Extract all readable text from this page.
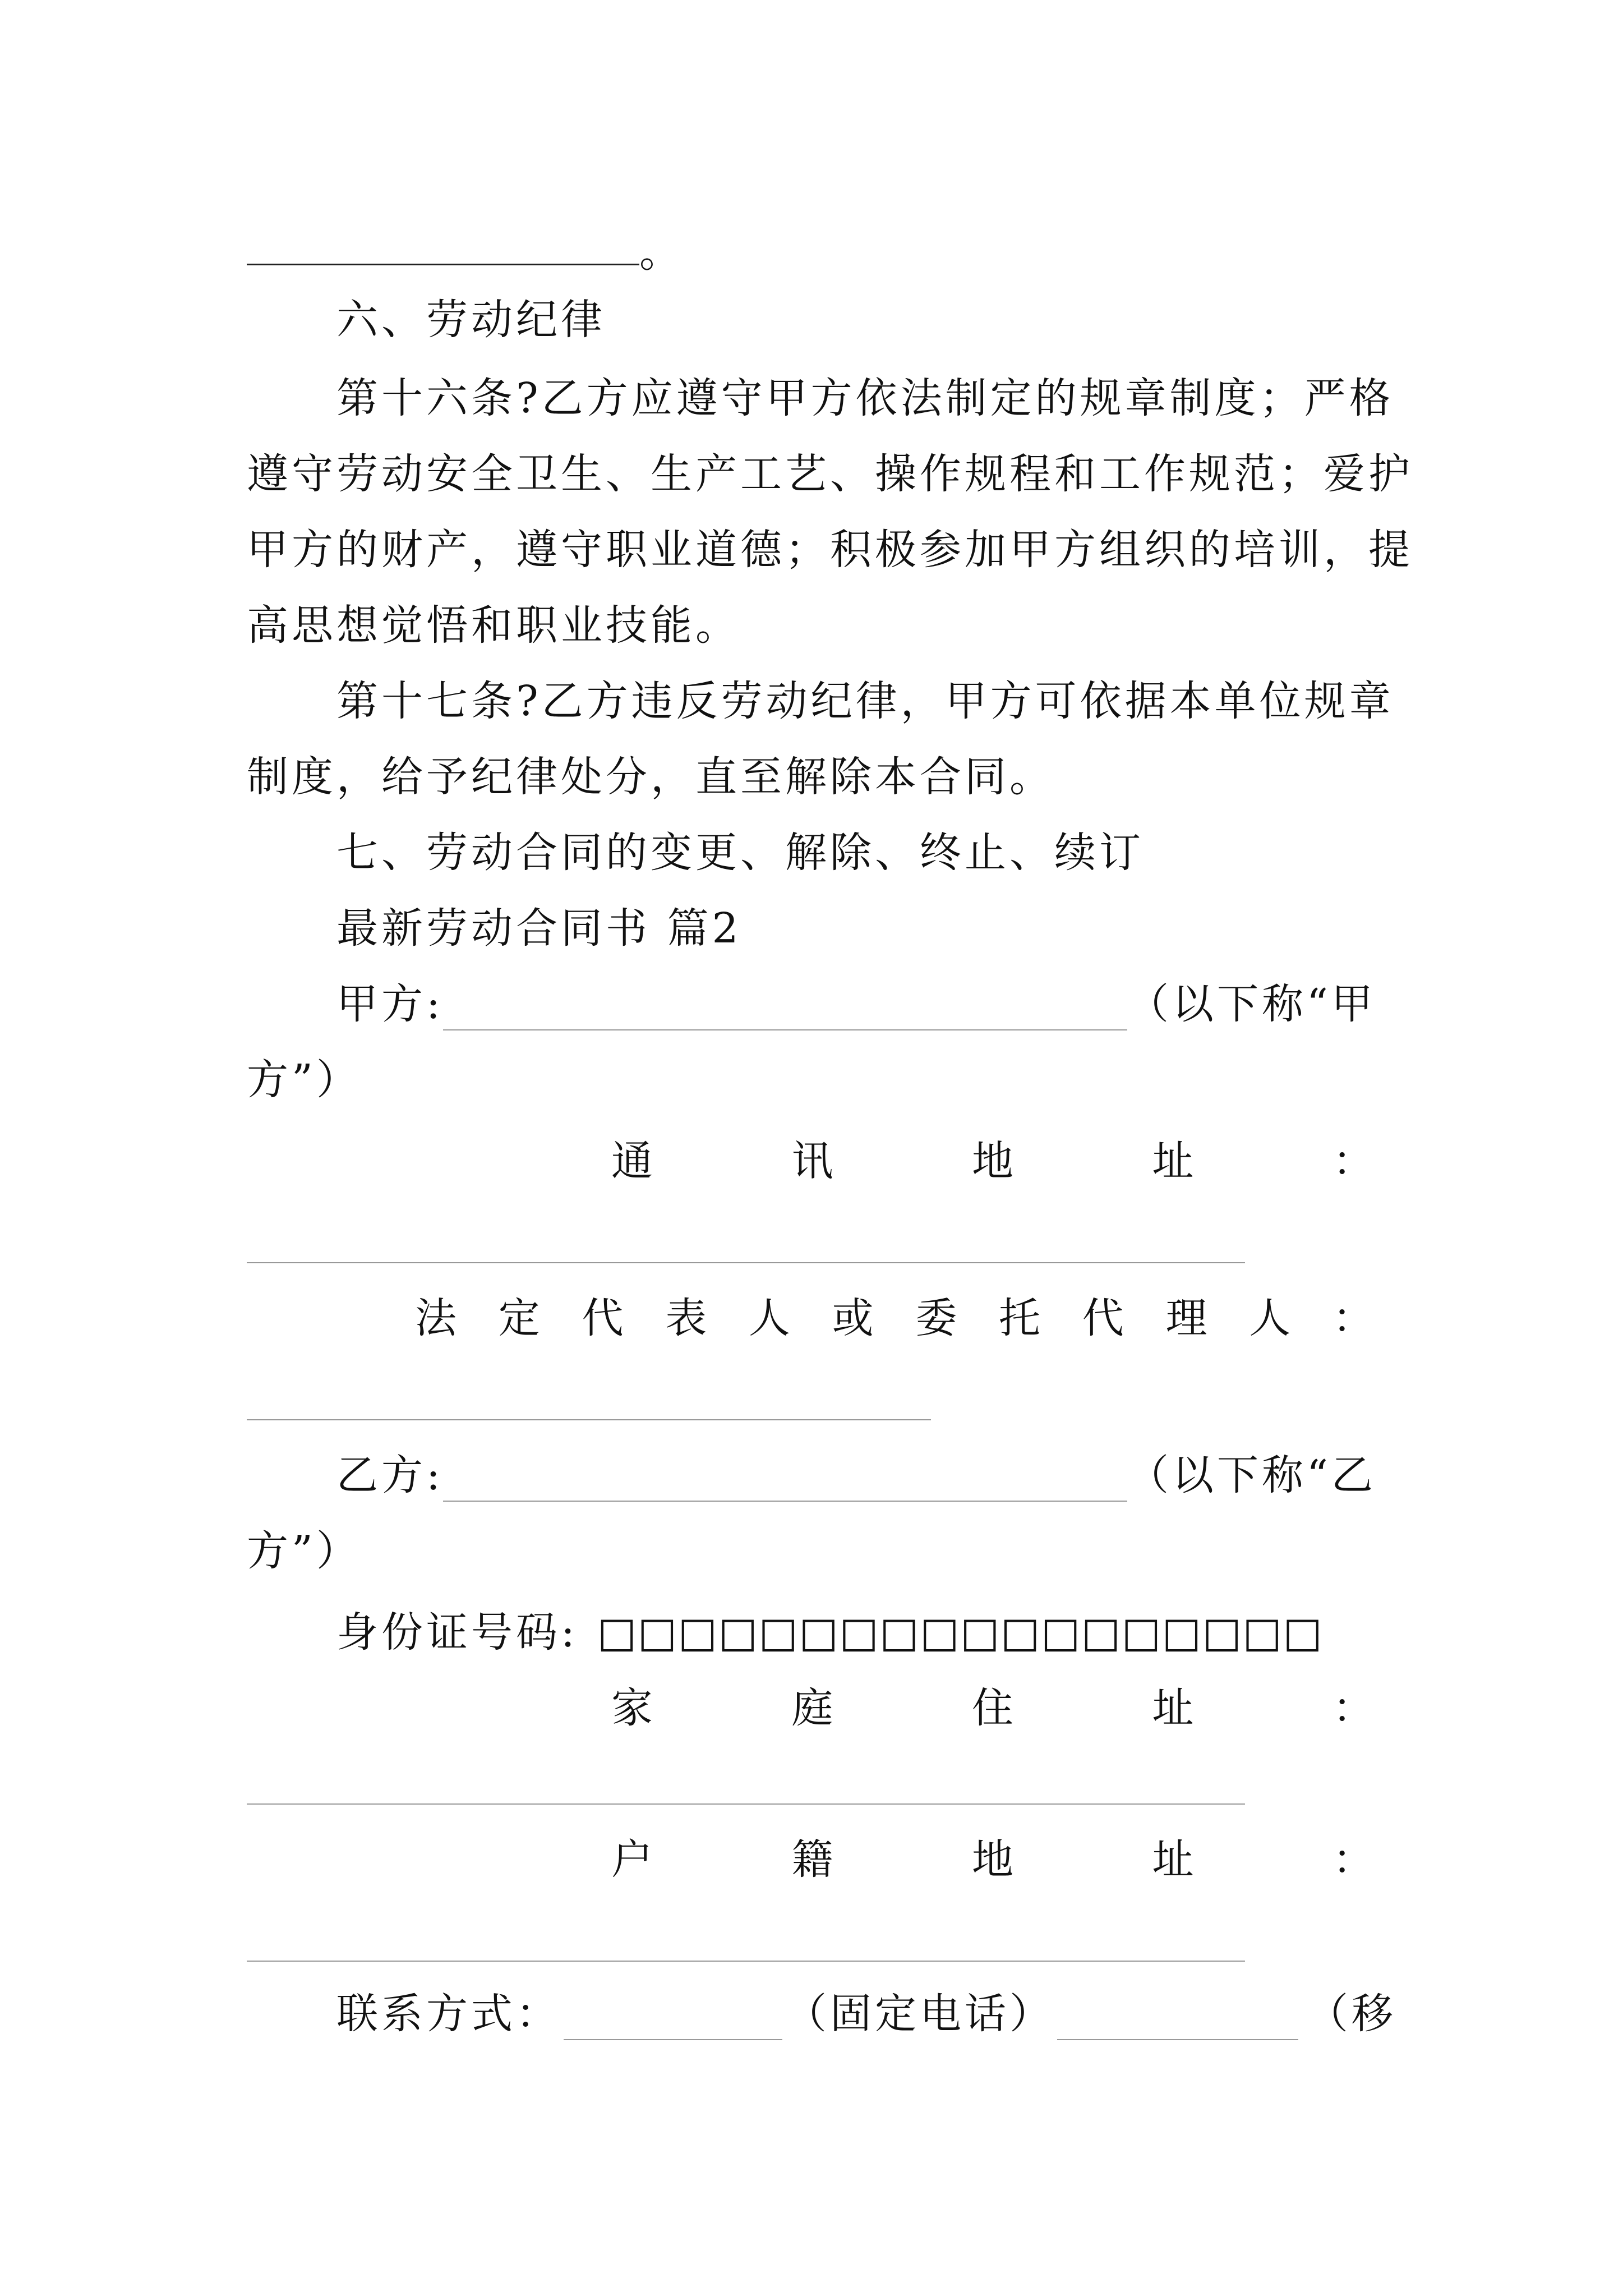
。
六、劳动纪律
第十六条?乙方应遵守甲方依法制定的规章制度；严格
遵守劳动安全卫生、生产工艺、操作规程和工作规范；爱护
甲方的财产，遵守职业道德；积极参加甲方组织的培训，提
高思想觉悟和职业技能。
第十七条?乙方违反劳动纪律，甲方可依据本单位规章
制度，给予纪律处分，直至解除本合同。
七、劳动合同的变更、解除、终止、续订
最新劳动合同书 篇2
甲方:	（以下称“甲
方”）
通	讯	地	址	：
法 定 代 表 人 或 委 托 代 理 人 ：
乙方:	（以下称“乙
方”）
身份证号码: □□□□□□□□□□□□□□□□□□
家	庭	住	址	：
户	籍	地	址	：
联系方式：	（固定电话）	（移
